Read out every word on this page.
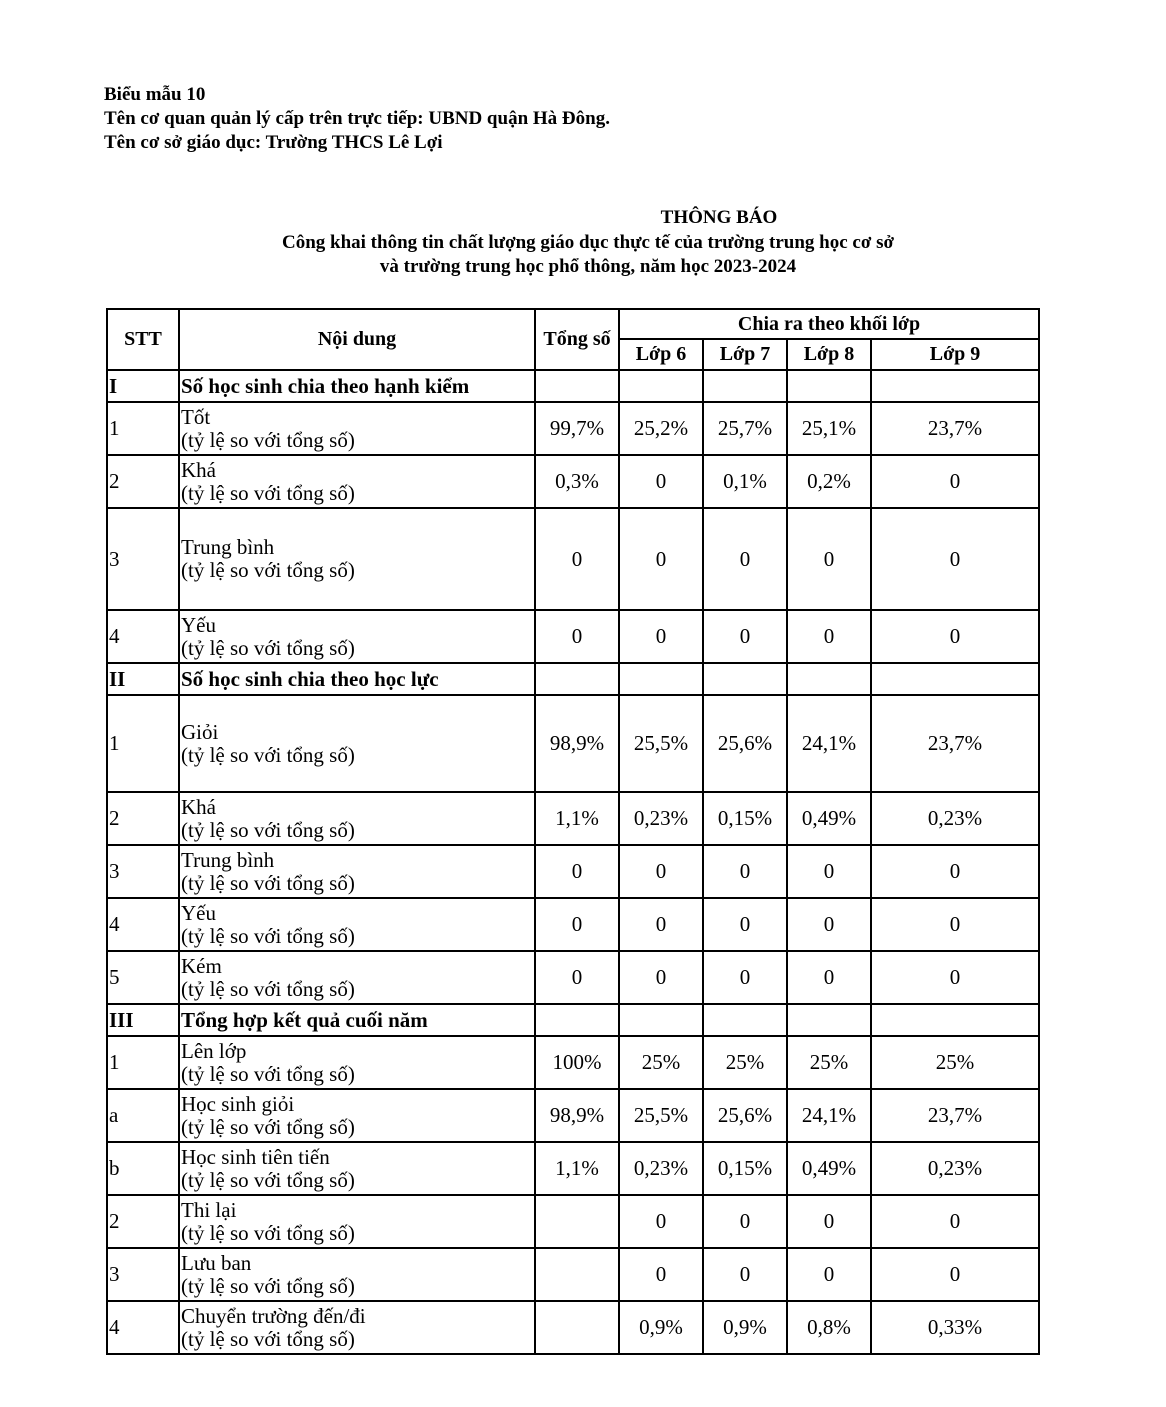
Biểu mẫu 10
Tên cơ quan quản lý cấp trên trực tiếp: UBND quận Hà Đông.
Tên cơ sở giáo dục: Trường THCS Lê Lợi
THÔNG BÁO
Công khai thông tin chất lượng giáo dục thực tế của trường trung học cơ sở
và trường trung học phổ thông, năm học 2023-2024
STT	Nội dung	Tổng số	Chia ra theo khối lớp			
			Lớp 6	Lớp 7	Lớp 8	Lớp 9
I	Số học sinh chia theo hạnh kiểm					

1	Tốt
(tỷ lệ so với tổng số)	99,7%	25,2%	25,7%	25,1%	23,7%
2	Khá
(tỷ lệ so với tổng số)	0,3%	0	0,1%	0,2%	0
3	Trung bình
(tỷ lệ so với tổng số)	0	0	0	0	0
4	Yếu
(tỷ lệ so với tổng số)	0	0	0	0	0
II	Số học sinh chia theo học lực					

1	Giỏi
(tỷ lệ so với tổng số)	98,9%	25,5%	25,6%	24,1%	23,7%
2	Khá
(tỷ lệ so với tổng số)	1,1%	0,23%	0,15%	0,49%	0,23%
3	Trung bình
(tỷ lệ so với tổng số)	0	0	0	0	0
4	Yếu
(tỷ lệ so với tổng số)	0	0	0	0	0
5	Kém
(tỷ lệ so với tổng số)	0	0	0	0	0
III	Tổng hợp kết quả cuối năm					

1	Lên lớp
(tỷ lệ so với tổng số)	100%	25%	25%	25%	25%
a	Học sinh giỏi
(tỷ lệ so với tổng số)	98,9%	25,5%	25,6%	24,1%	23,7%
b	Học sinh tiên tiến
(tỷ lệ so với tổng số)	1,1%	0,23%	0,15%	0,49%	0,23%
2	Thi lại
(tỷ lệ so với tổng số)		0	0	0	0
3	Lưu ban
(tỷ lệ so với tổng số)		0	0	0	0
4	Chuyển trường đến/đi
(tỷ lệ so với tổng số)		0,9%	0,9%	0,8%	0,33%
